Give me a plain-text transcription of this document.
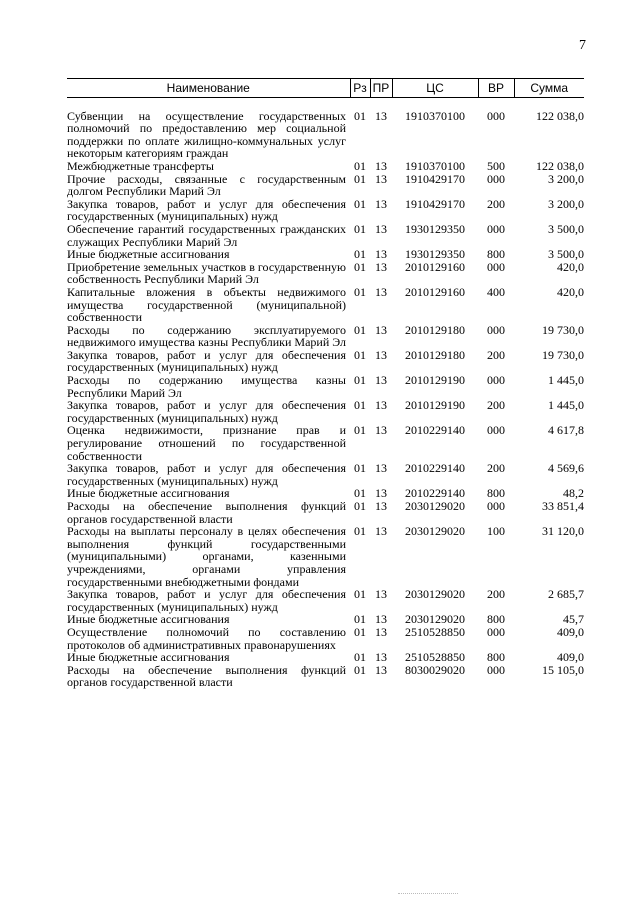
7
Наименование	Рз	ПР	ЦС	ВР	Сумма
Субвенции на осуществление государственных полномочий по предоставлению мер социальной поддержки по оплате жилищно-коммунальных услуг некоторым категориям граждан	01	13	1910370100	000	122 038,0
Межбюджетные трансферты	01	13	1910370100	500	122 038,0
Прочие расходы, связанные с государственным долгом Республики Марий Эл	01	13	1910429170	000	3 200,0
Закупка товаров, работ и услуг для обеспечения государственных (муниципальных) нужд	01	13	1910429170	200	3 200,0
Обеспечение гарантий государственных гражданских служащих Республики Марий Эл	01	13	1930129350	000	3 500,0
Иные бюджетные ассигнования	01	13	1930129350	800	3 500,0
Приобретение земельных участков в государственную собственность Республики Марий Эл	01	13	2010129160	000	420,0
Капитальные вложения в объекты недвижимого имущества государственной (муниципальной) собственности	01	13	2010129160	400	420,0
Расходы по содержанию эксплуатируемого недвижимого имущества казны Республики Марий Эл	01	13	2010129180	000	19 730,0
Закупка товаров, работ и услуг для обеспечения государственных (муниципальных) нужд	01	13	2010129180	200	19 730,0
Расходы по содержанию имущества казны Республики Марий Эл	01	13	2010129190	000	1 445,0
Закупка товаров, работ и услуг для обеспечения государственных (муниципальных) нужд	01	13	2010129190	200	1 445,0
Оценка недвижимости, признание прав и регулирование отношений по государственной собственности	01	13	2010229140	000	4 617,8
Закупка товаров, работ и услуг для обеспечения государственных (муниципальных) нужд	01	13	2010229140	200	4 569,6
Иные бюджетные ассигнования	01	13	2010229140	800	48,2
Расходы на обеспечение выполнения функций органов государственной власти	01	13	2030129020	000	33 851,4
Расходы на выплаты персоналу в целях обеспечения выполнения функций государственными (муниципальными) органами, казенными учреждениями, органами управления государственными внебюджетными фондами	01	13	2030129020	100	31 120,0
Закупка товаров, работ и услуг для обеспечения государственных (муниципальных) нужд	01	13	2030129020	200	2 685,7
Иные бюджетные ассигнования	01	13	2030129020	800	45,7
Осуществление полномочий по составлению протоколов об административных правонарушениях	01	13	2510528850	000	409,0
Иные бюджетные ассигнования	01	13	2510528850	800	409,0
Расходы на обеспечение выполнения функций органов государственной власти	01	13	8030029020	000	15 105,0
